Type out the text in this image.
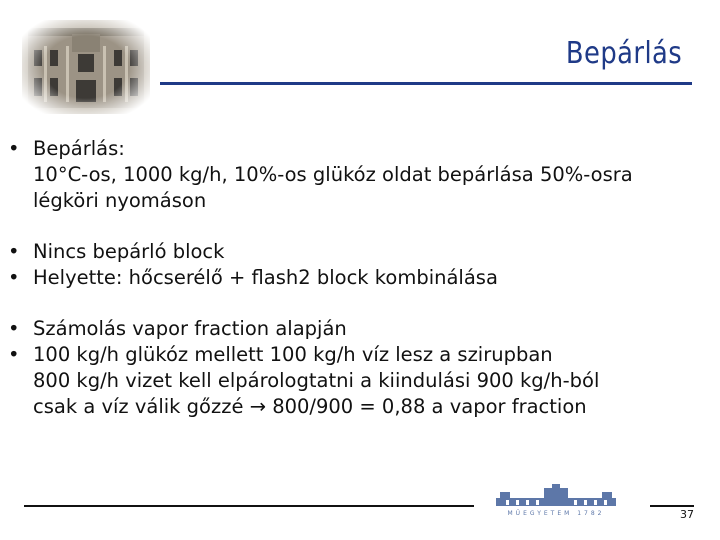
Bepárlás
• Bepárlás:
10°C-os, 1000 kg/h, 10%-os glükóz oldat bepárlása 50%-osra
légköri nyomáson
• Nincs bepárló block
• Helyette: hőcserélő + flash2 block kombinálása
• Számolás vapor fraction alapján
• 100 kg/h glükóz mellett 100 kg/h víz lesz a szirupban
800 kg/h vizet kell elpárologtatni a kiindulási 900 kg/h-ból
csak a víz válik gőzzé → 800/900 = 0,88 a vapor fraction
MŰEGYETEM 1782	37
